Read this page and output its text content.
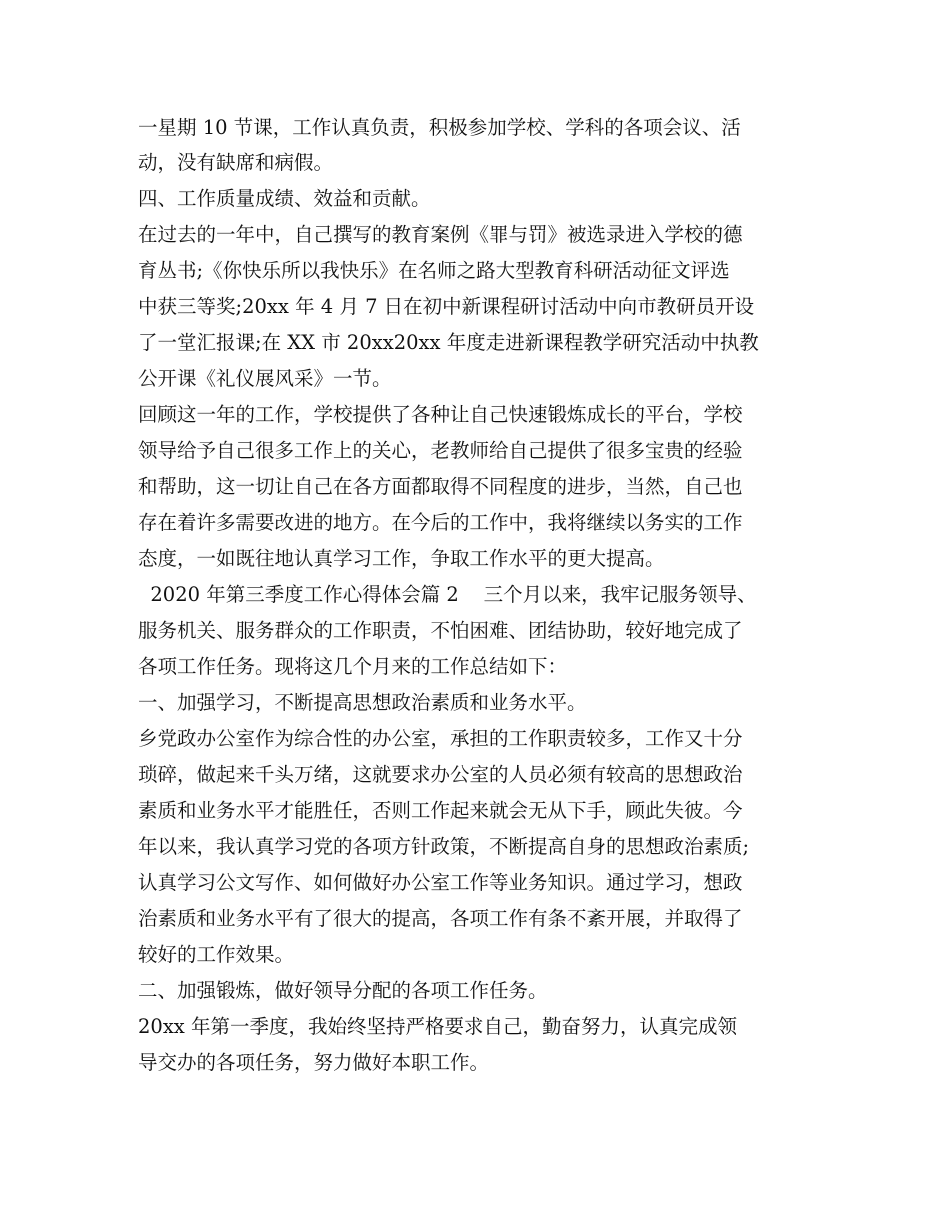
一星期 10 节课，工作认真负责，积极参加学校、学科的各项会议、活
动，没有缺席和病假。
四、工作质量成绩、效益和贡献。
在过去的一年中，自己撰写的教育案例《罪与罚》被选录进入学校的德
育丛书;《你快乐所以我快乐》在名师之路大型教育科研活动征文评选
中获三等奖;20xx 年 4 月 7 日在初中新课程研讨活动中向市教研员开设
了一堂汇报课;在 XX 市 20xx20xx 年度走进新课程教学研究活动中执教
公开课《礼仪展风采》一节。
回顾这一年的工作，学校提供了各种让自己快速锻炼成长的平台，学校
领导给予自己很多工作上的关心，老教师给自己提供了很多宝贵的经验
和帮助，这一切让自己在各方面都取得不同程度的进步，当然，自己也
存在着许多需要改进的地方。在今后的工作中，我将继续以务实的工作
态度，一如既往地认真学习工作，争取工作水平的更大提高。
2020 年第三季度工作心得体会篇 2    三个月以来，我牢记服务领导、
服务机关、服务群众的工作职责，不怕困难、团结协助，较好地完成了
各项工作任务。现将这几个月来的工作总结如下：
一、加强学习，不断提高思想政治素质和业务水平。
乡党政办公室作为综合性的办公室，承担的工作职责较多，工作又十分
琐碎，做起来千头万绪，这就要求办公室的人员必须有较高的思想政治
素质和业务水平才能胜任，否则工作起来就会无从下手，顾此失彼。今
年以来，我认真学习党的各项方针政策，不断提高自身的思想政治素质;
认真学习公文写作、如何做好办公室工作等业务知识。通过学习，想政
治素质和业务水平有了很大的提高，各项工作有条不紊开展，并取得了
较好的工作效果。
二、加强锻炼，做好领导分配的各项工作任务。
20xx 年第一季度，我始终坚持严格要求自己，勤奋努力，认真完成领
导交办的各项任务，努力做好本职工作。
